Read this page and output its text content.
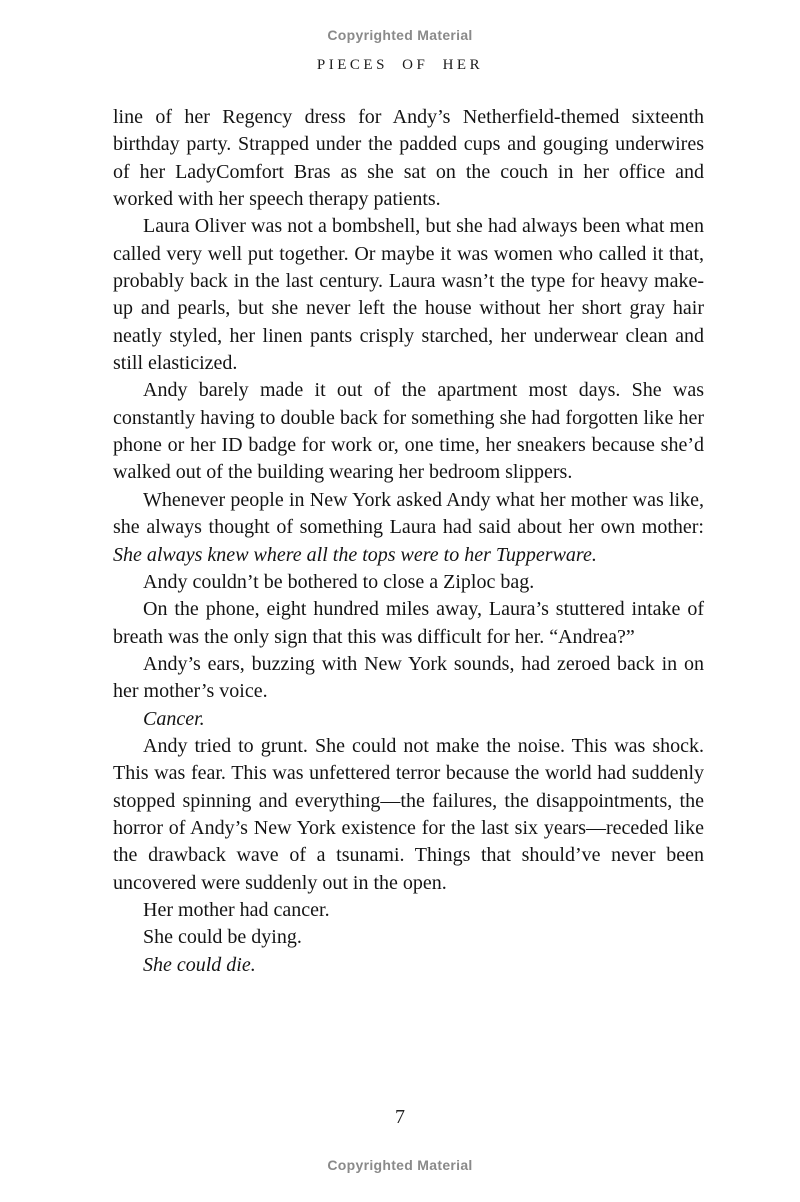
Copyrighted Material
PIECES OF HER

line of her Regency dress for Andy’s Netherfield-themed sixteenth birthday party. Strapped under the padded cups and gouging underwires of her LadyComfort Bras as she sat on the couch in her office and worked with her speech therapy patients.

Laura Oliver was not a bombshell, but she had always been what men called very well put together. Or maybe it was women who called it that, probably back in the last century. Laura wasn’t the type for heavy make-up and pearls, but she never left the house without her short gray hair neatly styled, her linen pants crisply starched, her underwear clean and still elasticized.

Andy barely made it out of the apartment most days. She was constantly having to double back for something she had forgotten like her phone or her ID badge for work or, one time, her sneakers because she’d walked out of the building wearing her bedroom slippers.

Whenever people in New York asked Andy what her mother was like, she always thought of something Laura had said about her own mother: She always knew where all the tops were to her Tupperware.

Andy couldn’t be bothered to close a Ziploc bag.

On the phone, eight hundred miles away, Laura’s stuttered intake of breath was the only sign that this was difficult for her. “Andrea?”

Andy’s ears, buzzing with New York sounds, had zeroed back in on her mother’s voice.

Cancer.

Andy tried to grunt. She could not make the noise. This was shock. This was fear. This was unfettered terror because the world had suddenly stopped spinning and everything—the failures, the disappointments, the horror of Andy’s New York existence for the last six years—receded like the drawback wave of a tsunami. Things that should’ve never been uncovered were suddenly out in the open.

Her mother had cancer.

She could be dying.

She could die.

7
Copyrighted Material
